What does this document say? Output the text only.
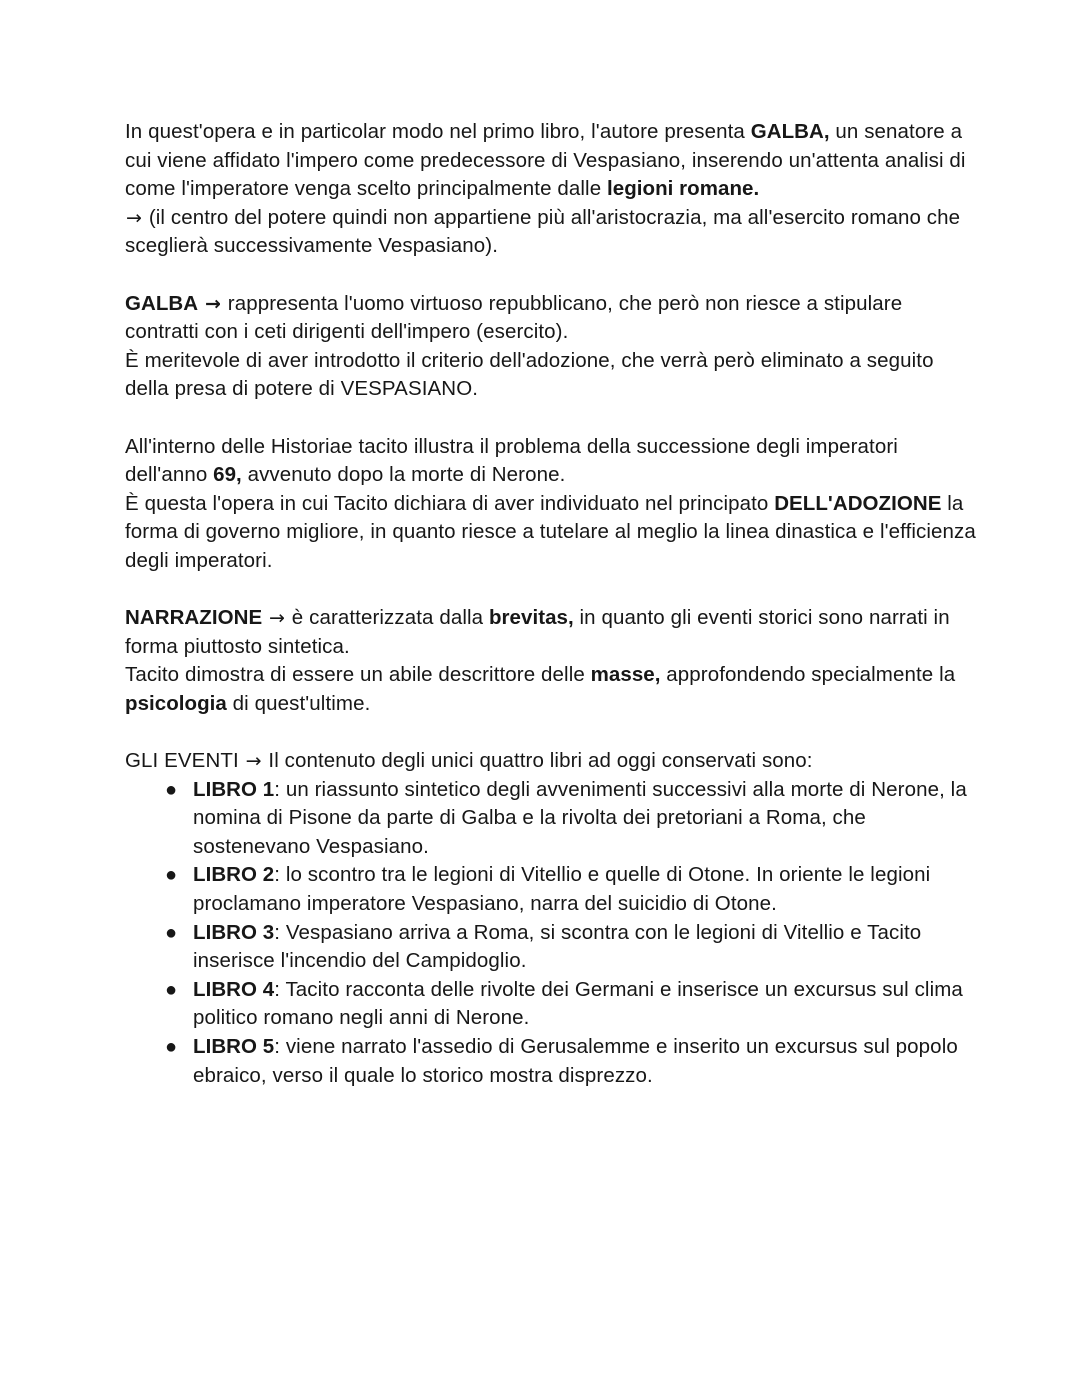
In quest'opera e in particolar modo nel primo libro, l'autore presenta GALBA, un senatore a cui viene affidato l'impero come predecessore di Vespasiano, inserendo un'attenta analisi di come l'imperatore venga scelto principalmente dalle legioni romane.
→ (il centro del potere quindi non appartiene più all'aristocrazia, ma all'esercito romano che sceglierà successivamente Vespasiano).

GALBA → rappresenta l'uomo virtuoso repubblicano, che però non riesce a stipulare contratti con i ceti dirigenti dell'impero (esercito).
È meritevole di aver introdotto il criterio dell'adozione, che verrà però eliminato a seguito della presa di potere di VESPASIANO.

All'interno delle Historiae tacito illustra il problema della successione degli imperatori dell'anno 69, avvenuto dopo la morte di Nerone.
È questa l'opera in cui Tacito dichiara di aver individuato nel principato DELL'ADOZIONE la forma di governo migliore, in quanto riesce a tutelare al meglio la linea dinastica e l'efficienza degli imperatori.

NARRAZIONE → è caratterizzata dalla brevitas, in quanto gli eventi storici sono narrati in forma piuttosto sintetica.
Tacito dimostra di essere un abile descrittore delle masse, approfondendo specialmente la psicologia di quest'ultime.

GLI EVENTI → Il contenuto degli unici quattro libri ad oggi conservati sono:

● LIBRO 1: un riassunto sintetico degli avvenimenti successivi alla morte di Nerone, la nomina di Pisone da parte di Galba e la rivolta dei pretoriani a Roma, che sostenevano Vespasiano.
● LIBRO 2: lo scontro tra le legioni di Vitellio e quelle di Otone. In oriente le legioni proclamano imperatore Vespasiano, narra del suicidio di Otone.
● LIBRO 3: Vespasiano arriva a Roma, si scontra con le legioni di Vitellio e Tacito inserisce l'incendio del Campidoglio.
● LIBRO 4: Tacito racconta delle rivolte dei Germani e inserisce un excursus sul clima politico romano negli anni di Nerone.
● LIBRO 5: viene narrato l'assedio di Gerusalemme e inserito un excursus sul popolo ebraico, verso il quale lo storico mostra disprezzo.
